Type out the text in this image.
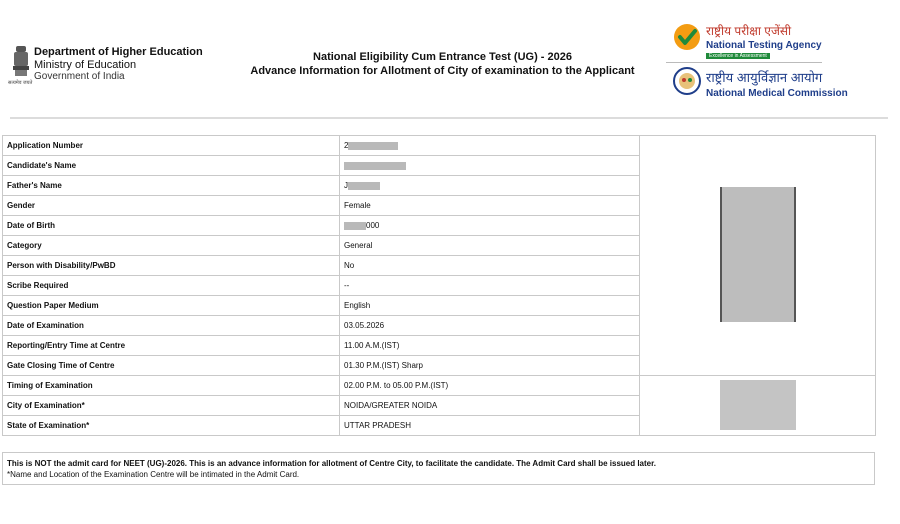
सत्यमेव जयते
Department of Higher Education
Ministry of Education
Government of India
National Eligibility Cum Entrance Test (UG) - 2026
Advance Information for Allotment of City of examination to the Applicant
राष्ट्रीय परीक्षा एजेंसी
National Testing Agency
Excellence in Assessment
राष्ट्रीय आयुर्विज्ञान आयोग
National Medical Commission
Application Number	2	
Candidate's Name		
Father's Name	J	
Gender	Female	
Date of Birth	000	
Category	General	
Person with Disability/PwBD	No	
Scribe Required	--	
Question Paper Medium	English	
Date of Examination	03.05.2026	
Reporting/Entry Time at Centre	11.00 A.M.(IST)	
Gate Closing Time of Centre	01.30 P.M.(IST) Sharp	
Timing of Examination	02.00 P.M. to 05.00 P.M.(IST)	
City of Examination*	NOIDA/GREATER NOIDA	
State of Examination*	UTTAR PRADESH	
This is NOT the admit card for NEET (UG)-2026. This is an advance information for allotment of Centre City, to facilitate the candidate. The Admit Card shall be issued later.
*Name and Location of the Examination Centre will be intimated in the Admit Card.
